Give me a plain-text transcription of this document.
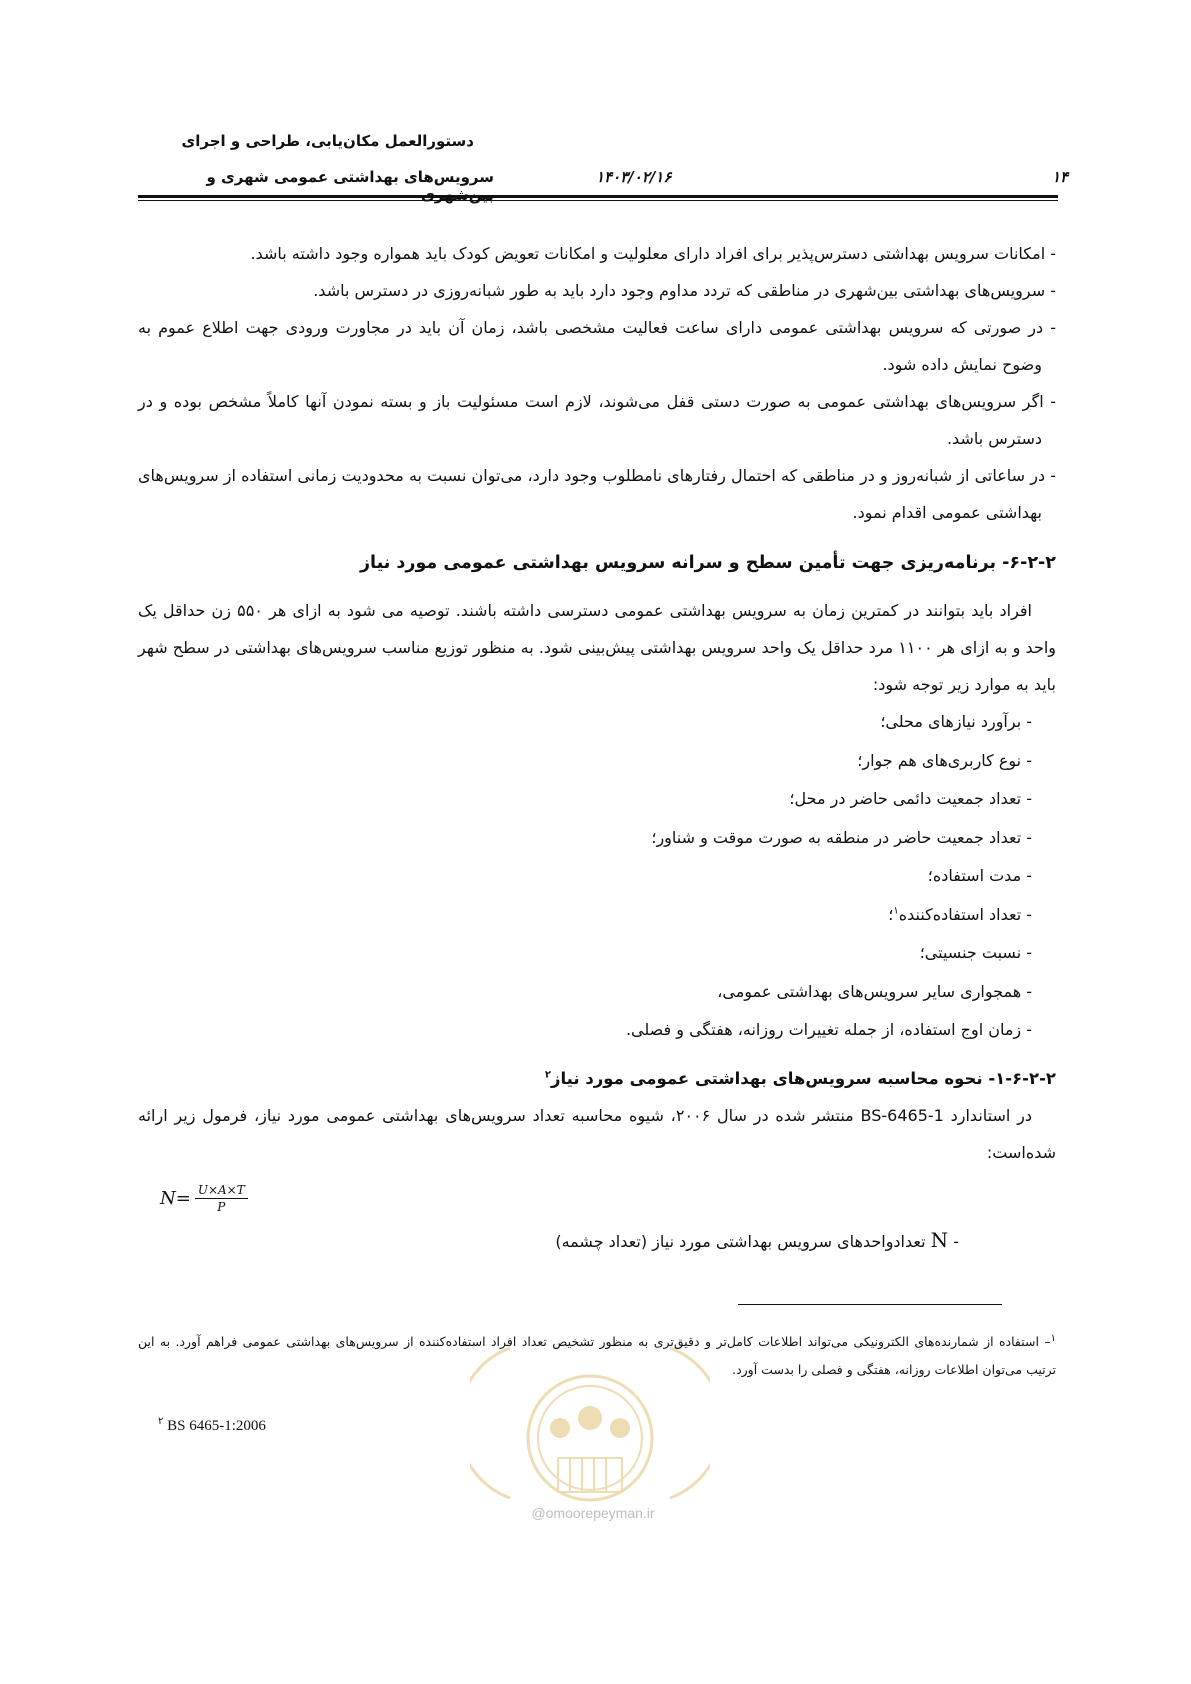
دستورالعمل مکان‌یابی، طراحی و اجرای
سرویس‌های بهداشتی عمومی شهری و	۱۴۰۳/۰۲/۱۶	۱۴

- امکانات سرویس بهداشتی دسترس‌پذیر برای افراد دارای معلولیت و امکانات تعویض کودک باید همواره وجود داشته باشد.

- سرویس‌های بهداشتی بین‌شهری در مناطقی که تردد مداوم وجود دارد باید به طور شبانه‌روزی در دسترس باشد.

- در صورتی که سرویس بهداشتی عمومی دارای ساعت فعالیت مشخصی باشد، زمان آن باید در مجاورت ورودی جهت اطلاع عموم به وضوح نمایش داده شود.

- اگر سرویس‌های بهداشتی عمومی به صورت دستی قفل می‌شوند، لازم است مسئولیت باز و بسته نمودن آنها کاملاً مشخص بوده و در دسترس باشد.

- در ساعاتی از شبانه‌روز و در مناطقی که احتمال رفتارهای نامطلوب وجود دارد، می‌توان نسبت به محدودیت زمانی استفاده از سرویس‌های بهداشتی عمومی اقدام نمود.

۶-۲-۲- برنامه‌ریزی جهت تأمین سطح و سرانه سرویس بهداشتی عمومی مورد نیاز

افراد باید بتوانند در کمترین زمان به سرویس بهداشتی عمومی دسترسی داشته باشند. توصیه می شود به ازای هر ۵۵۰ زن حداقل یک واحد و به ازای هر ۱۱۰۰ مرد حداقل یک واحد سرویس بهداشتی پیش‌بینی شود. به منظور توزیع مناسب سرویس‌های بهداشتی در سطح شهر باید به موارد زیر توجه شود:

- برآورد نیازهای محلی؛
- نوع کاربری‌های هم جوار؛
- تعداد جمعیت دائمی حاضر در محل؛
- تعداد جمعیت حاضر در منطقه به صورت موقت و شناور؛
- مدت استفاده؛
- تعداد استفاده‌کننده$^۱$؛
- نسبت جنسیتی؛
- همجواری سایر سرویس‌های بهداشتی عمومی،
- زمان اوج استفاده، از جمله تغییرات روزانه، هفتگی و فصلی.

۱-۶-۲-۲- نحوه محاسبه سرویس‌های بهداشتی عمومی مورد نیاز$^۲$

در استاندارد BS-6465-1 منتشر شده در سال ۲۰۰۶، شیوه محاسبه تعداد سرویس‌های بهداشتی عمومی مورد نیاز، فرمول زیر ارائه شده‌است:

$N= \frac{U\times A\times T}{P}$
- N تعدادواحدهای سرویس بهداشتی مورد نیاز (تعداد چشمه)
@omoorepeyman.ir
$^۱$– استفاده از شمارنده‌های الکترونیکی می‌تواند اطلاعات کامل‌تر و دقیق‌تری به منظور تشخیص تعداد افراد استفاده‌کننده از سرویس‌های بهداشتی عمومی فراهم آورد. به این ترتیب می‌توان اطلاعات روزانه، هفتگی و فصلی را بدست آورد.
$^۲$ BS 6465-1:2006
